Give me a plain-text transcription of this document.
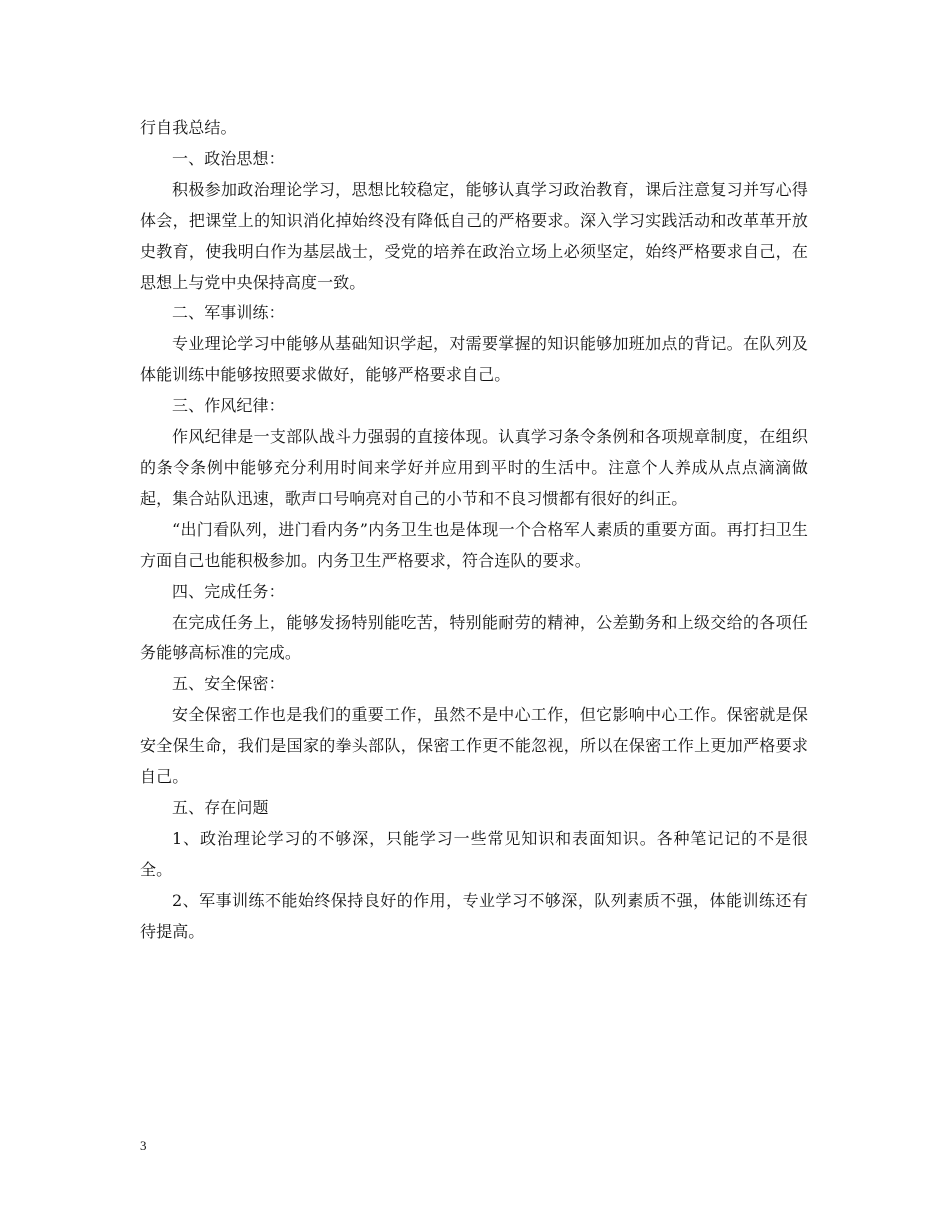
行自我总结。

一、政治思想：

积极参加政治理论学习，思想比较稳定，能够认真学习政治教育，课后注意复习并写心得体会，把课堂上的知识消化掉始终没有降低自己的严格要求。深入学习实践活动和改革革开放史教育，使我明白作为基层战士，受党的培养在政治立场上必须坚定，始终严格要求自己，在思想上与党中央保持高度一致。

二、军事训练：

专业理论学习中能够从基础知识学起，对需要掌握的知识能够加班加点的背记。在队列及体能训练中能够按照要求做好，能够严格要求自己。

三、作风纪律：

作风纪律是一支部队战斗力强弱的直接体现。认真学习条令条例和各项规章制度，在组织的条令条例中能够充分利用时间来学好并应用到平时的生活中。注意个人养成从点点滴滴做起，集合站队迅速，歌声口号响亮对自己的小节和不良习惯都有很好的纠正。

“出门看队列，进门看内务”内务卫生也是体现一个合格军人素质的重要方面。再打扫卫生方面自己也能积极参加。内务卫生严格要求，符合连队的要求。

四、完成任务：

在完成任务上，能够发扬特别能吃苦，特别能耐劳的精神，公差勤务和上级交给的各项任务能够高标准的完成。

五、安全保密：

安全保密工作也是我们的重要工作，虽然不是中心工作，但它影响中心工作。保密就是保安全保生命，我们是国家的拳头部队，保密工作更不能忽视，所以在保密工作上更加严格要求自己。

五、存在问题

1、政治理论学习的不够深，只能学习一些常见知识和表面知识。各种笔记记的不是很全。

2、军事训练不能始终保持良好的作用，专业学习不够深，队列素质不强，体能训练还有待提高。

3
